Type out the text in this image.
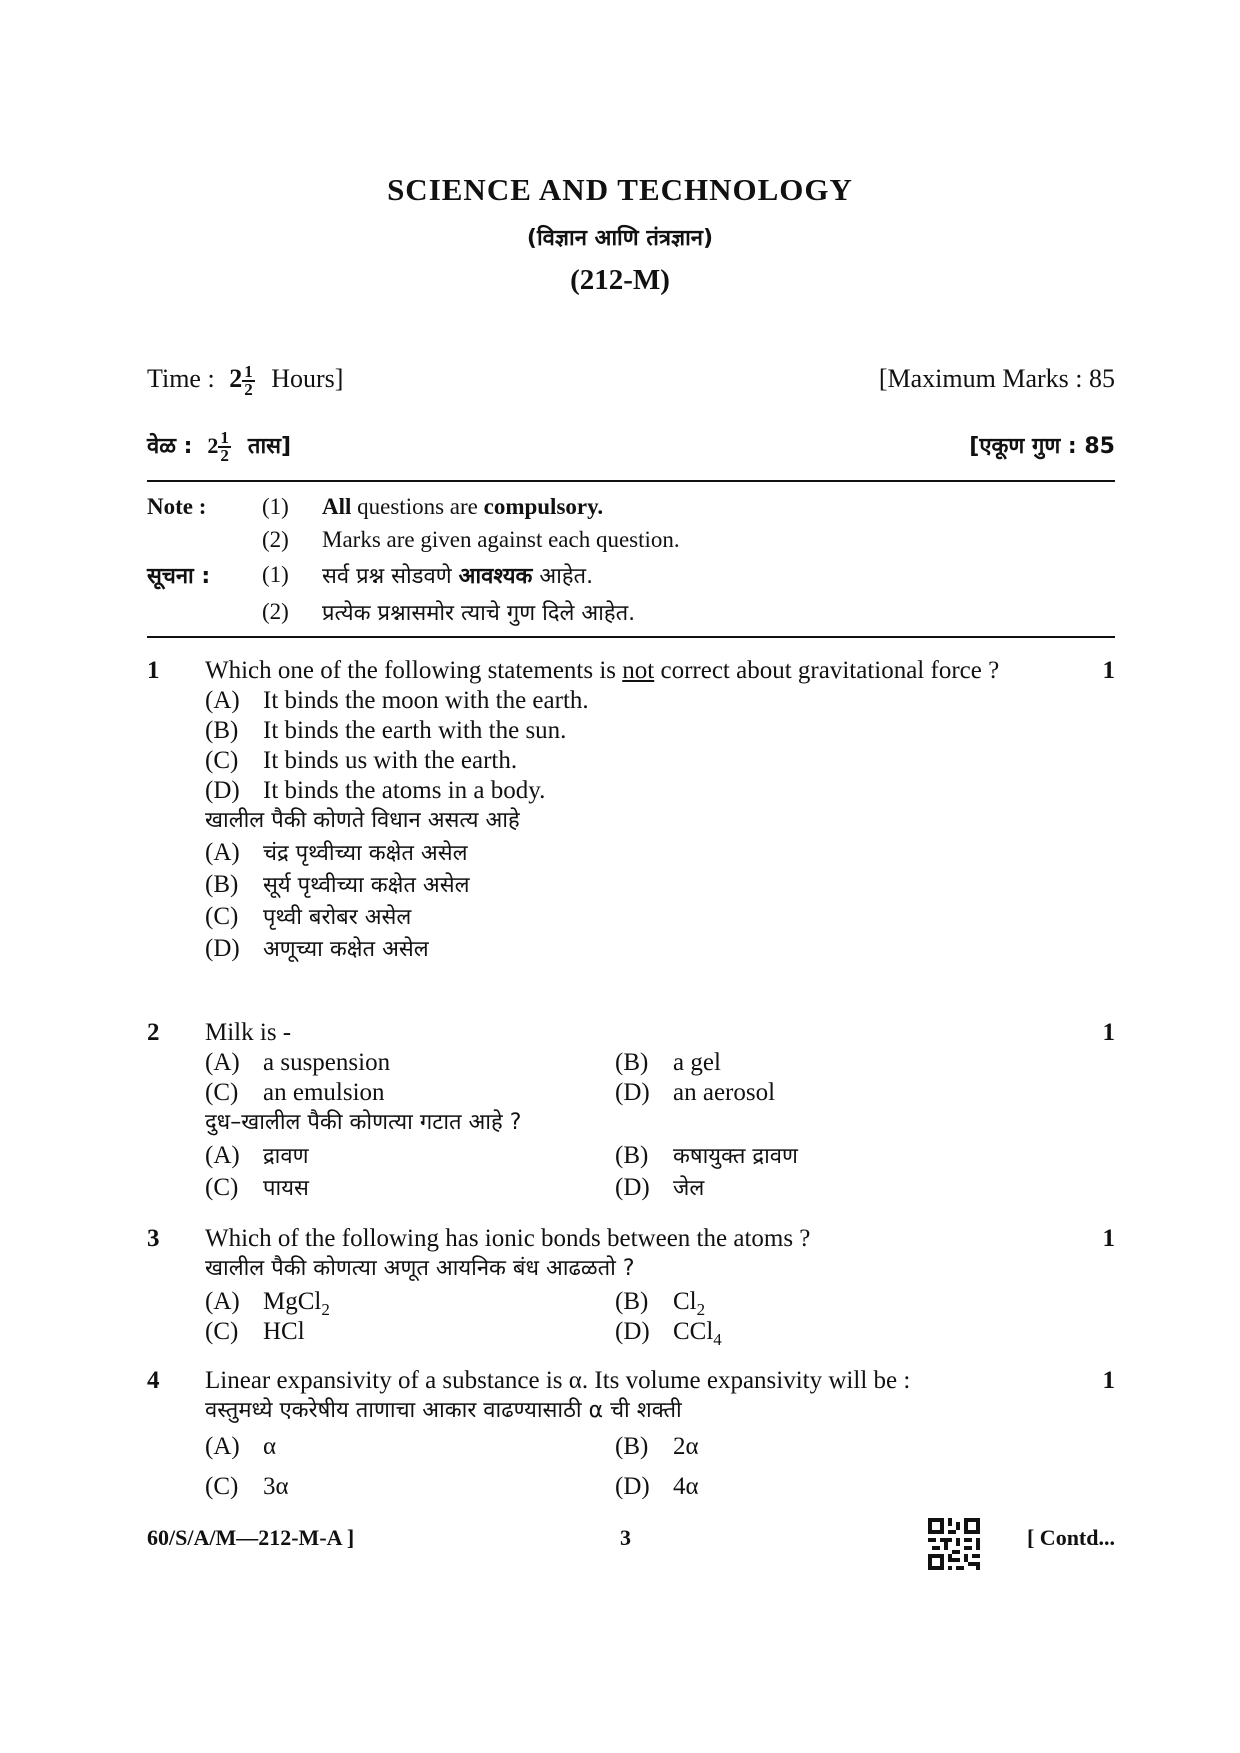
SCIENCE AND TECHNOLOGY
(विज्ञान आणि तंत्रज्ञान)
(212-M)
Time : $2 \frac{1}{2}$ Hours]	[Maximum Marks : 85
वेळ : $2 \frac{1}{2}$ तास]	[एकूण गुण : 85
Note :	(1)	All questions are compulsory.
(2)	Marks are given against each question.
सूचना :	(1)	सर्व प्रश्न सोडवणे आवश्यक आहेत.
(2)	प्रत्येक प्रश्नासमोर त्याचे गुण दिले आहेत.
1	Which one of the following statements is not correct about gravitational force ?	1
(A) It binds the moon with the earth.
(B) It binds the earth with the sun.
(C) It binds us with the earth.
(D) It binds the atoms in a body.
खालील पैकी कोणते विधान असत्य आहे
(A) चंद्र पृथ्वीच्या कक्षेत असेल
(B) सूर्य पृथ्वीच्या कक्षेत असेल
(C) पृथ्वी बरोबर असेल
(D) अणूच्या कक्षेत असेल
2	Milk is -	1
(A) a suspension	(B) a gel
(C) an emulsion	(D) an aerosol
दुध–खालील पैकी कोणत्या गटात आहे ?
(A) द्रावण	(B) कषायुक्त द्रावण
(C) पायस	(D) जेल
3	Which of the following has ionic bonds between the atoms ?	1
खालील पैकी कोणत्या अणूत आयनिक बंध आढळतो ?
(A) MgCl$_2$	(B) $Cl_2$
(C) HCl	(D) CCl$_4$
4	Linear expansivity of a substance is α. Its volume expansivity will be :	1
वस्तुमध्ये एकरेषीय ताणाचा आकार वाढण्यासाठी α ची शक्ती
(A) α	(B) 2α
(C) 3α	(D) 4α
60/S/A/M—212-M-A ]	3	[ Contd...
